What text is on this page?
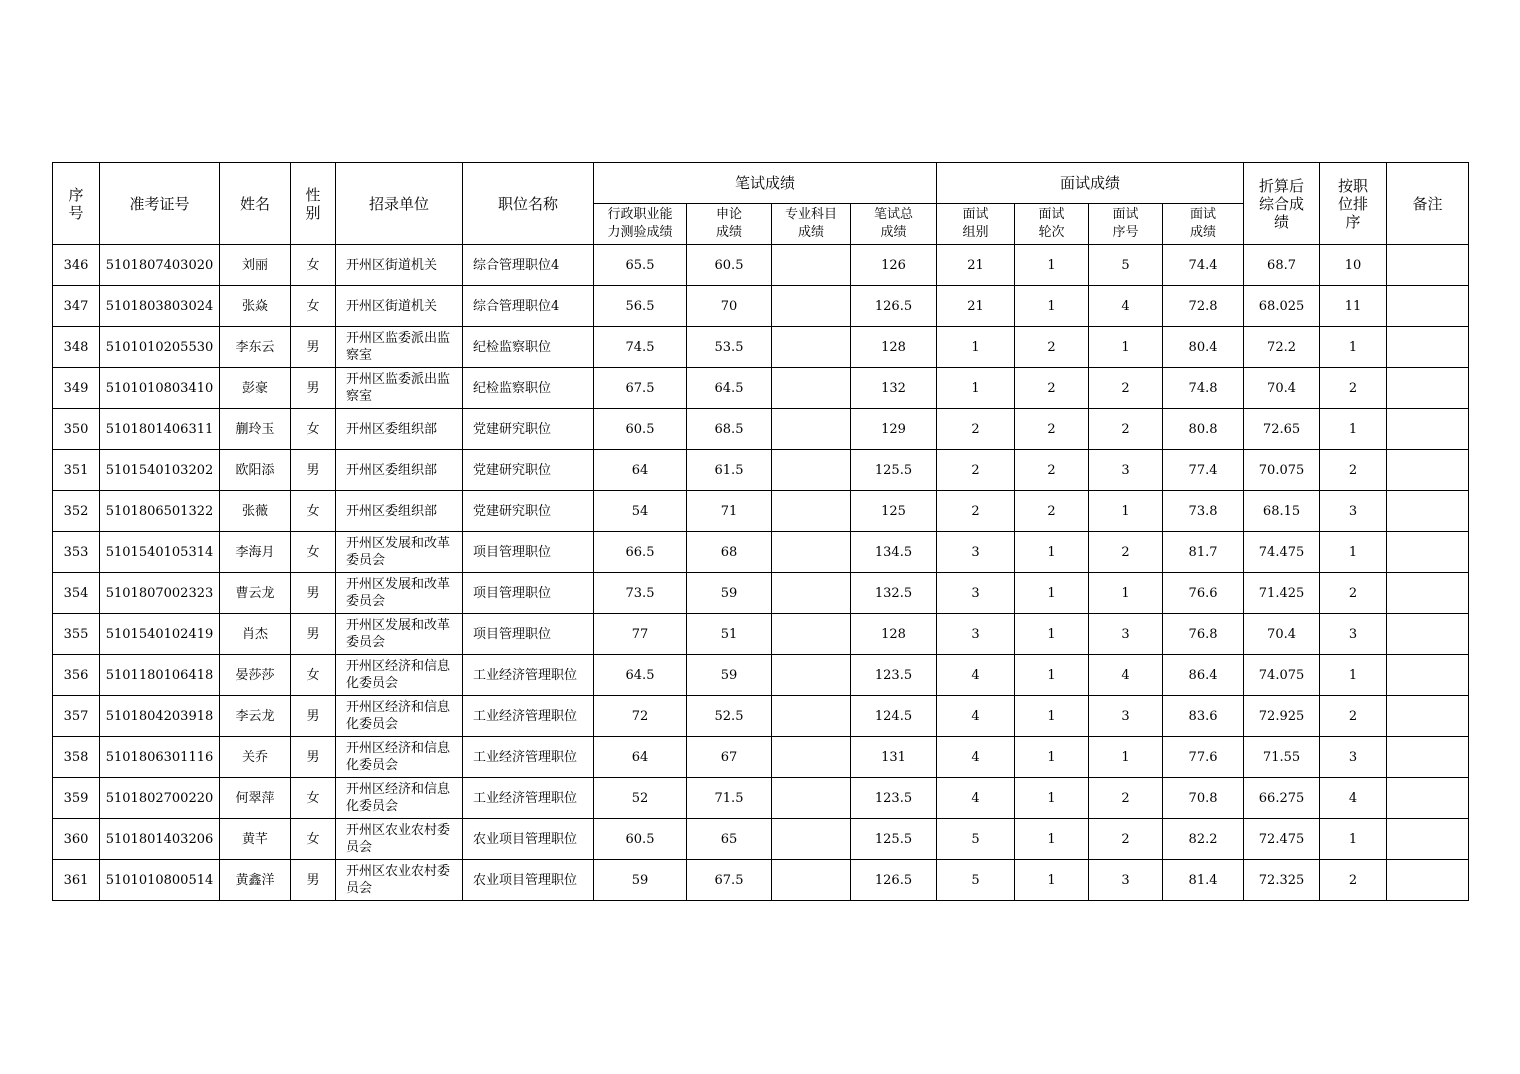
序号	准考证号	姓名	性别	招录单位	职位名称	笔试成绩				面试成绩				折算后综合成绩	按职位排序	备注
						行政职业能力测验成绩	申论成绩	专业科目成绩	笔试总成绩	面试组别	面试轮次	面试序号	面试成绩			
346	5101807403020	刘丽	女	开州区街道机关	综合管理职位4	65.5	60.5		126	21	1	5	74.4	68.7	10	
347	5101803803024	张焱	女	开州区街道机关	综合管理职位4	56.5	70		126.5	21	1	4	72.8	68.025	11	
348	5101010205530	李东云	男	开州区监委派出监察室	纪检监察职位	74.5	53.5		128	1	2	1	80.4	72.2	1	
349	5101010803410	彭豪	男	开州区监委派出监察室	纪检监察职位	67.5	64.5		132	1	2	2	74.8	70.4	2	
350	5101801406311	蒯玲玉	女	开州区委组织部	党建研究职位	60.5	68.5		129	2	2	2	80.8	72.65	1	
351	5101540103202	欧阳添	男	开州区委组织部	党建研究职位	64	61.5		125.5	2	2	3	77.4	70.075	2	
352	5101806501322	张薇	女	开州区委组织部	党建研究职位	54	71		125	2	2	1	73.8	68.15	3	
353	5101540105314	李海月	女	开州区发展和改革委员会	项目管理职位	66.5	68		134.5	3	1	2	81.7	74.475	1	
354	5101807002323	曹云龙	男	开州区发展和改革委员会	项目管理职位	73.5	59		132.5	3	1	1	76.6	71.425	2	
355	5101540102419	肖杰	男	开州区发展和改革委员会	项目管理职位	77	51		128	3	1	3	76.8	70.4	3	
356	5101180106418	晏莎莎	女	开州区经济和信息化委员会	工业经济管理职位	64.5	59		123.5	4	1	4	86.4	74.075	1	
357	5101804203918	李云龙	男	开州区经济和信息化委员会	工业经济管理职位	72	52.5		124.5	4	1	3	83.6	72.925	2	
358	5101806301116	关乔	男	开州区经济和信息化委员会	工业经济管理职位	64	67		131	4	1	1	77.6	71.55	3	
359	5101802700220	何翠萍	女	开州区经济和信息化委员会	工业经济管理职位	52	71.5		123.5	4	1	2	70.8	66.275	4	
360	5101801403206	黄芊	女	开州区农业农村委员会	农业项目管理职位	60.5	65		125.5	5	1	2	82.2	72.475	1	
361	5101010800514	黄鑫洋	男	开州区农业农村委员会	农业项目管理职位	59	67.5		126.5	5	1	3	81.4	72.325	2	
